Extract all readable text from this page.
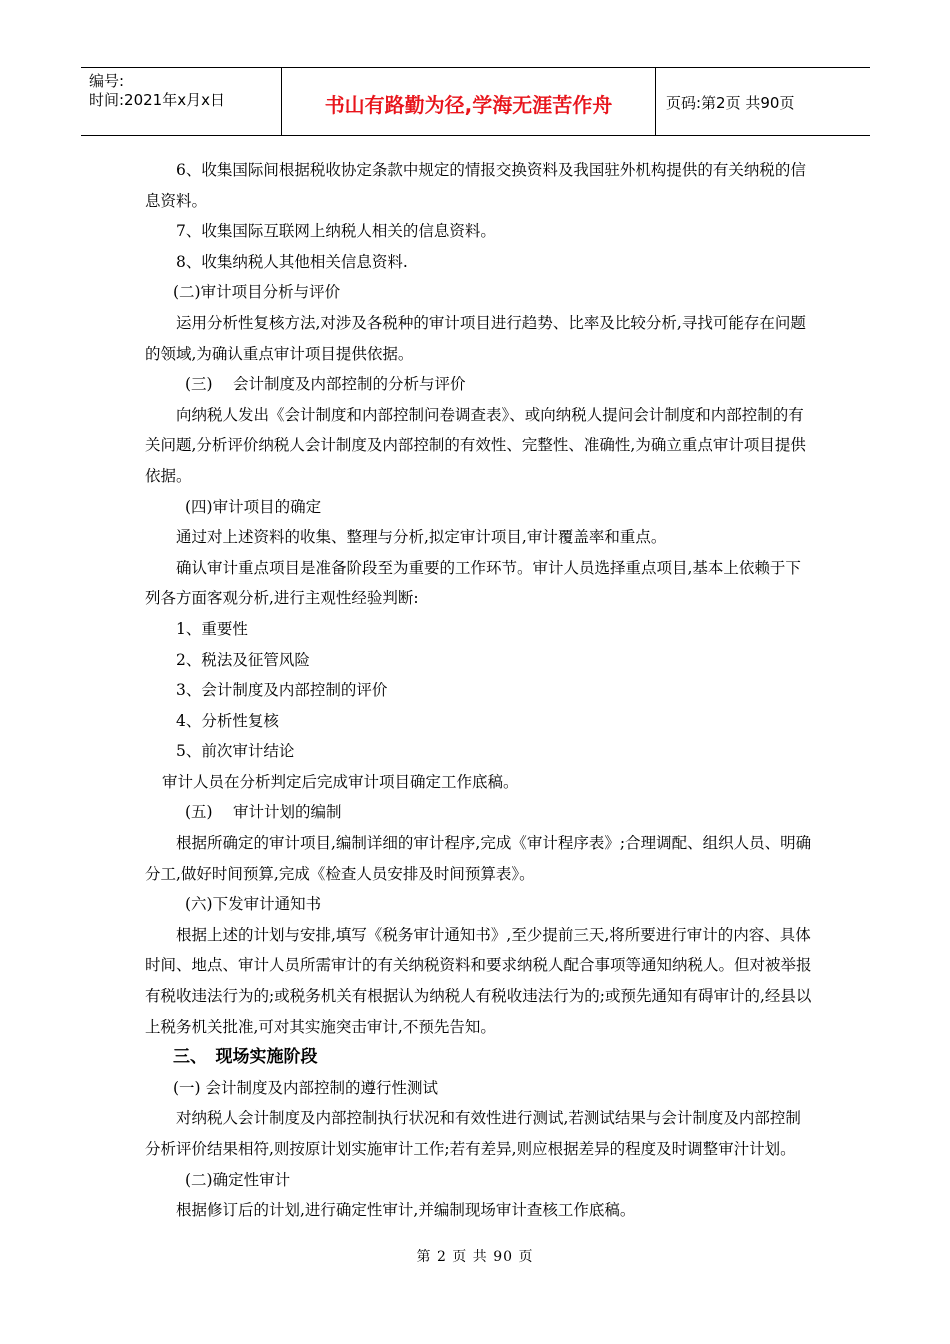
编号:
时间:2021年x月x日	书山有路勤为径,学海无涯苦作舟	页码:第2页 共90页

6、收集国际间根据税收协定条款中规定的情报交换资料及我国驻外机构提供的有关纳税的信息资料。

7、收集国际互联网上纳税人相关的信息资料。

8、收集纳税人其他相关信息资料.

(二)审计项目分析与评价

运用分析性复核方法,对涉及各税种的审计项目进行趋势、比率及比较分析,寻找可能存在问题的领域,为确认重点审计项目提供依据。

(三)　 会计制度及内部控制的分析与评价

向纳税人发出《会计制度和内部控制问卷调查表》、或向纳税人提问会计制度和内部控制的有关问题,分析评价纳税人会计制度及内部控制的有效性、完整性、准确性,为确立重点审计项目提供依据。

(四)审计项目的确定

通过对上述资料的收集、整理与分析,拟定审计项目,审计覆盖率和重点。

确认审计重点项目是准备阶段至为重要的工作环节。审计人员选择重点项目,基本上依赖于下列各方面客观分析,进行主观性经验判断:

1、重要性

2、税法及征管风险

3、会计制度及内部控制的评价

4、分析性复核

5、前次审计结论

审计人员在分析判定后完成审计项目确定工作底稿。

(五)　 审计计划的编制

根据所确定的审计项目,编制详细的审计程序,完成《审计程序表》;合理调配、组织人员、明确分工,做好时间预算,完成《检查人员安排及时间预算表》。

(六)下发审计通知书

根据上述的计划与安排,填写《税务审计通知书》,至少提前三天,将所要进行审计的内容、具体时间、地点、审计人员所需审计的有关纳税资料和要求纳税人配合事项等通知纳税人。但对被举报有税收违法行为的;或税务机关有根据认为纳税人有税收违法行为的;或预先通知有碍审计的,经县以上税务机关批准,可对其实施突击审计,不预先告知。

三、　现场实施阶段

(一) 会计制度及内部控制的遵行性测试

对纳税人会计制度及内部控制执行状况和有效性进行测试,若测试结果与会计制度及内部控制分析评价结果相符,则按原计划实施审计工作;若有差异,则应根据差异的程度及时调整审汁计划。

(二)确定性审计

根据修订后的计划,进行确定性审计,并编制现场审计查核工作底稿。

第 2 页 共 90 页
